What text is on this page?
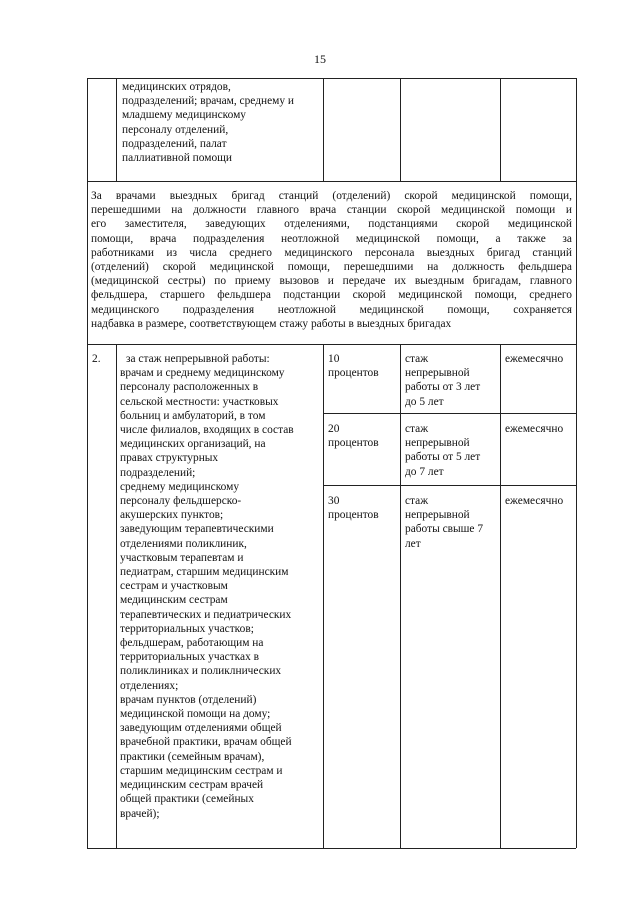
15

медицинских отрядов,
подразделений; врачам, среднему и
младшему медицинскому
персоналу отделений,
подразделений, палат
паллиативной помощи

За врачами выездных бригад станций (отделений) скорой медицинской помощи,
перешедшими на должности главного врача станции скорой медицинской помощи и
его заместителя, заведующих отделениями, подстанциями скорой медицинской
помощи, врача подразделения неотложной медицинской помощи, а также за
работниками из числа среднего медицинского персонала выездных бригад станций
(отделений) скорой медицинской помощи, перешедшими на должность фельдшера
(медицинской сестры) по приему вызовов и передаче их выездным бригадам, главного
фельдшера, старшего фельдшера подстанции скорой медицинской помощи, среднего
медицинского подразделения неотложной медицинской помощи, сохраняется
надбавка в размере, соответствующем стажу работы в выездных бригадах

2.	за стаж непрерывной работы:
врачам и среднему медицинскому
персоналу расположенных в
сельской местности: участковых
больниц и амбулаторий, в том
числе филиалов, входящих в состав
медицинских организаций, на
правах структурных
подразделений;
среднему медицинскому
персоналу фельдшерско-
акушерских пунктов;
заведующим терапевтическими
отделениями поликлиник,
участковым терапевтам и
педиатрам, старшим медицинским
сестрам и участковым
медицинским сестрам
терапевтических и педиатрических
территориальных участков;
фельдшерам, работающим на
территориальных участках в
поликлиниках и поликлнических
отделениях;
врачам пунктов (отделений)
медицинской помощи на дому;
заведующим отделениями общей
врачебной практики, врачам общей
практики (семейным врачам),
старшим медицинским сестрам и
медицинским сестрам врачей
общей практики (семейных
врачей);

10
процентов

стаж
непрерывной
работы от 3 лет
до 5 лет

ежемесячно

20
процентов

стаж
непрерывной
работы от 5 лет
до 7 лет

ежемесячно

30
процентов

стаж
непрерывной
работы свыше 7
лет

ежемесячно
